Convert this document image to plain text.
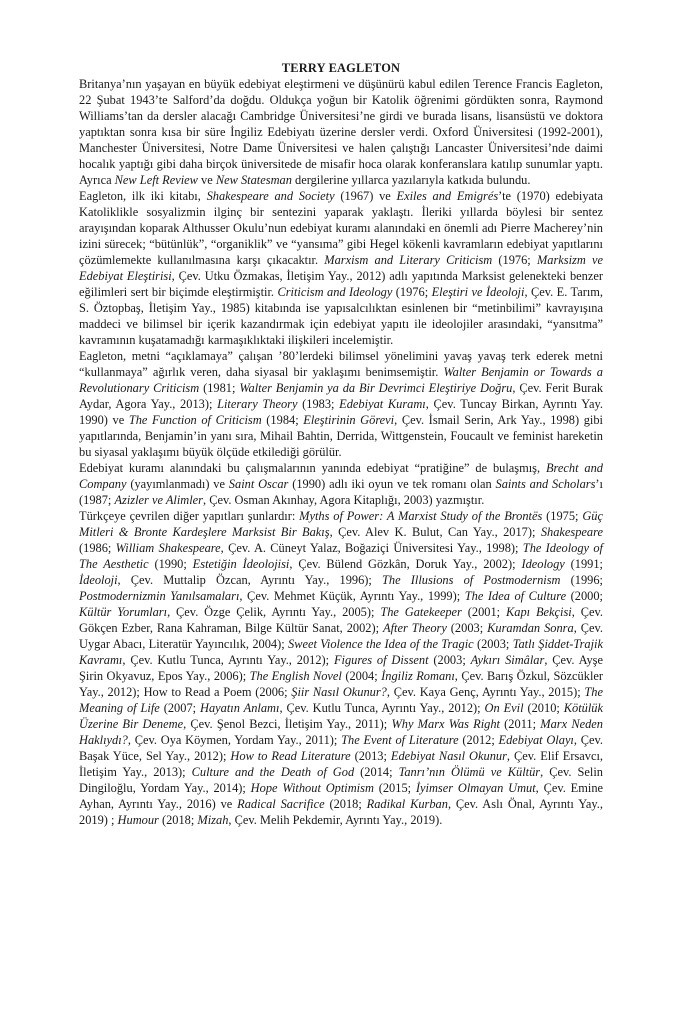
TERRY EAGLETON

Britanya’nın yaşayan en büyük edebiyat eleştirmeni ve düşünürü kabul edilen Terence Francis Eagleton, 22 Şubat 1943’te Salford’da doğdu. Oldukça yoğun bir Katolik öğrenimi gördükten sonra, Raymond Williams’tan da dersler alacağı Cambridge Üniversitesi’ne girdi ve burada lisans, lisansüstü ve doktora yaptıktan sonra kısa bir süre İngiliz Edebiyatı üzerine dersler verdi. Oxford Üniversitesi (1992-2001), Manchester Üniversitesi, Notre Dame Üniversitesi ve halen çalıştığı Lancaster Üniversitesi’nde daimi hocalık yaptığı gibi daha birçok üniversitede de misafir hoca olarak konferanslara katılıp sunumlar yaptı. Ayrıca New Left Review ve New Statesman dergilerine yıllarca yazılarıyla katkıda bulundu.

Eagleton, ilk iki kitabı, Shakespeare and Society (1967) ve Exiles and Emigrés’te (1970) edebiyata Katoliklikle sosyalizmin ilginç bir sentezini yaparak yaklaştı. İleriki yıllarda böylesi bir sentez arayışından koparak Althusser Okulu’nun edebiyat kuramı alanındaki en önemli adı Pierre Macherey’nin izini sürecek; “bütünlük”, “organiklik” ve “yansıma” gibi Hegel kökenli kavramların edebiyat yapıtlarını çözümlemekte kullanılmasına karşı çıkacaktır. Marxism and Literary Criticism (1976; Marksizm ve Edebiyat Eleştirisi, Çev. Utku Özmakas, İletişim Yay., 2012) adlı yapıtında Marksist gelenekteki benzer eğilimleri sert bir biçimde eleştirmiştir. Criticism and Ideology (1976; Eleştiri ve İdeoloji, Çev. E. Tarım, S. Öztopbaş, İletişim Yay., 1985) kitabında ise yapısalcılıktan esinlenen bir “metinbilimi” kavrayışına maddeci ve bilimsel bir içerik kazandırmak için edebiyat yapıtı ile ideolojiler arasındaki, “yansıtma” kavramının kuşatamadığı karmaşıklıktaki ilişkileri incelemiştir.

Eagleton, metni “açıklamaya” çalışan ’80’lerdeki bilimsel yönelimini yavaş yavaş terk ederek metni “kullanmaya” ağırlık veren, daha siyasal bir yaklaşımı benimsemiştir. Walter Benjamin or Towards a Revolutionary Criticism (1981; Walter Benjamin ya da Bir Devrimci Eleştiriye Doğru, Çev. Ferit Burak Aydar, Agora Yay., 2013); Literary Theory (1983; Edebiyat Kuramı, Çev. Tuncay Birkan, Ayrıntı Yay. 1990) ve The Function of Criticism (1984; Eleştirinin Görevi, Çev. İsmail Serin, Ark Yay., 1998) gibi yapıtlarında, Benjamin’in yanı sıra, Mihail Bahtin, Derrida, Wittgenstein, Foucault ve feminist hareketin bu siyasal yaklaşımı büyük ölçüde etkilediği görülür.

Edebiyat kuramı alanındaki bu çalışmalarının yanında edebiyat “pratiğine” de bulaşmış, Brecht and Company (yayımlanmadı) ve Saint Oscar (1990) adlı iki oyun ve tek romanı olan Saints and Scholars’ı (1987; Azizler ve Alimler, Çev. Osman Akınhay, Agora Kitaplığı, 2003) yazmıştır.

Türkçeye çevrilen diğer yapıtları şunlardır: Myths of Power: A Marxist Study of the Brontës (1975; Güç Mitleri & Bronte Kardeşlere Marksist Bir Bakış, Çev. Alev K. Bulut, Can Yay., 2017); Shakespeare (1986; William Shakespeare, Çev. A. Cüneyt Yalaz, Boğaziçi Üniversitesi Yay., 1998); The Ideology of The Aesthetic (1990; Estetiğin İdeolojisi, Çev. Bülend Gözkân, Doruk Yay., 2002); Ideology (1991; İdeoloji, Çev. Muttalip Özcan, Ayrıntı Yay., 1996); The Illusions of Postmodernism (1996; Postmodernizmin Yanılsamaları, Çev. Mehmet Küçük, Ayrıntı Yay., 1999); The Idea of Culture (2000; Kültür Yorumları, Çev. Özge Çelik, Ayrıntı Yay., 2005); The Gatekeeper (2001; Kapı Bekçisi, Çev. Gökçen Ezber, Rana Kahraman, Bilge Kültür Sanat, 2002); After Theory (2003; Kuramdan Sonra, Çev. Uygar Abacı, Literatür Yayıncılık, 2004); Sweet Violence the Idea of the Tragic (2003; Tatlı Şiddet-Trajik Kavramı, Çev. Kutlu Tunca, Ayrıntı Yay., 2012); Figures of Dissent (2003; Aykırı Simâlar, Çev. Ayşe Şirin Okyavuz, Epos Yay., 2006); The English Novel (2004; İngiliz Romanı, Çev. Barış Özkul, Sözcükler Yay., 2012); How to Read a Poem (2006; Şiir Nasıl Okunur?, Çev. Kaya Genç, Ayrıntı Yay., 2015); The Meaning of Life (2007; Hayatın Anlamı, Çev. Kutlu Tunca, Ayrıntı Yay., 2012); On Evil (2010; Kötülük Üzerine Bir Deneme, Çev. Şenol Bezci, İletişim Yay., 2011); Why Marx Was Right (2011; Marx Neden Haklıydı?, Çev. Oya Köymen, Yordam Yay., 2011); The Event of Literature (2012; Edebiyat Olayı, Çev. Başak Yüce, Sel Yay., 2012); How to Read Literature (2013; Edebiyat Nasıl Okunur, Çev. Elif Ersavcı, İletişim Yay., 2013); Culture and the Death of God (2014; Tanrı’nın Ölümü ve Kültür, Çev. Selin Dingiloğlu, Yordam Yay., 2014); Hope Without Optimism (2015; İyimser Olmayan Umut, Çev. Emine Ayhan, Ayrıntı Yay., 2016) ve Radical Sacrifice (2018; Radikal Kurban, Çev. Aslı Önal, Ayrıntı Yay., 2019) ; Humour (2018; Mizah, Çev. Melih Pekdemir, Ayrıntı Yay., 2019).
